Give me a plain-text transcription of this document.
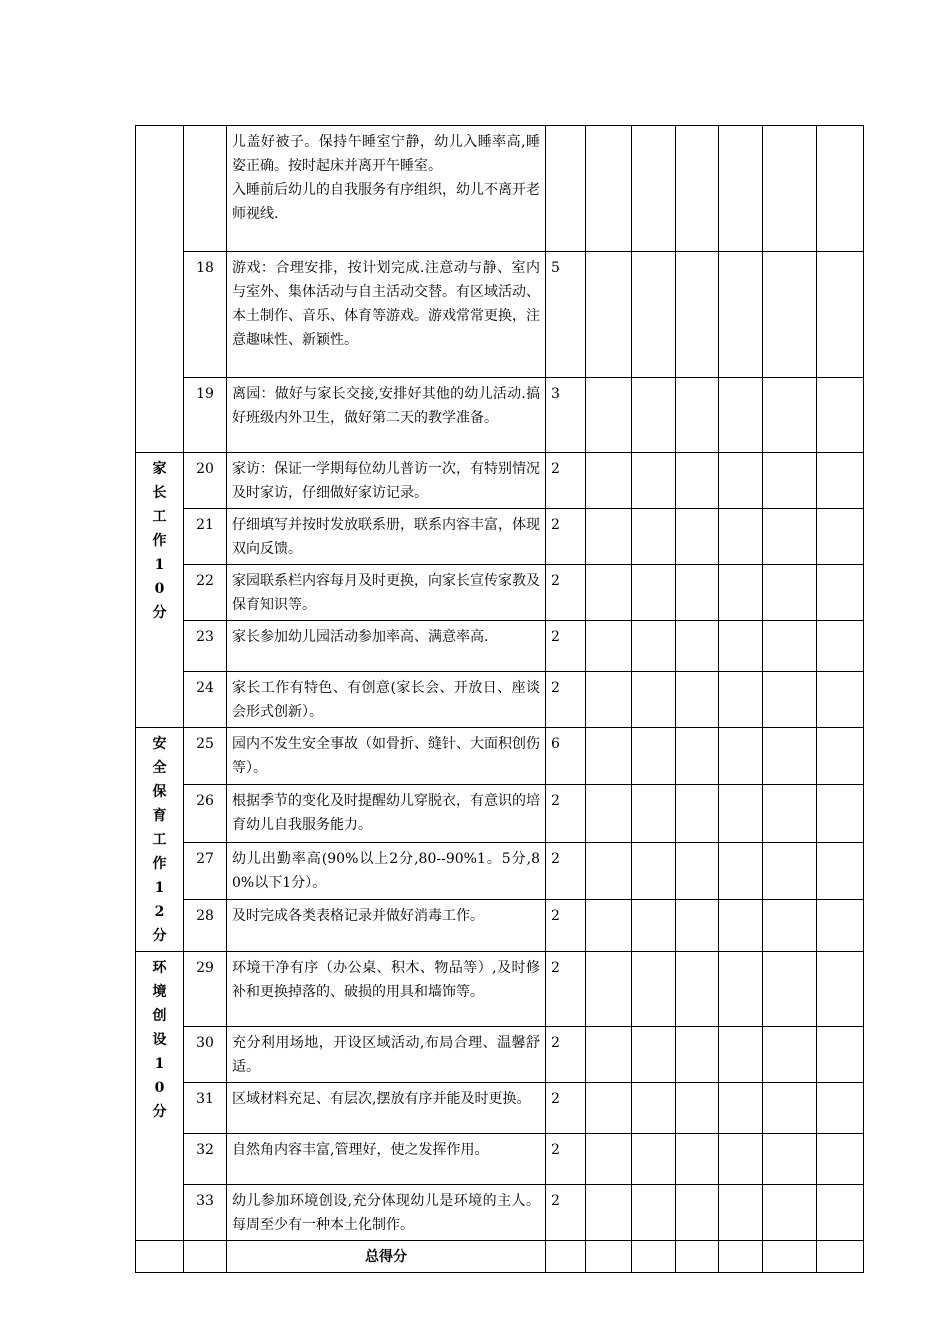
		儿盖好被子。保持午睡室宁静，幼儿入睡率高,睡姿正确。按时起床并离开午睡室。
入睡前后幼儿的自我服务有序组织，幼儿不离开老师视线.							
	18	游戏：合理安排，按计划完成.注意动与静、室内与室外、集体活动与自主活动交替。有区域活动、本土制作、音乐、体育等游戏。游戏常常更换，注意趣味性、新颖性。	5						
	19	离园：做好与家长交接,安排好其他的幼儿活动.搞好班级内外卫生，做好第二天的教学准备。	3						

家长工作10分	20	家访：保证一学期每位幼儿普访一次，有特别情况及时家访，仔细做好家访记录。	2						
	21	仔细填写并按时发放联系册，联系内容丰富，体现双向反馈。	2						
	22	家园联系栏内容每月及时更换，向家长宣传家教及保育知识等。	2						
	23	家长参加幼儿园活动参加率高、满意率高.	2						
	24	家长工作有特色、有创意(家长会、开放日、座谈会形式创新）。	2						

安全保育工作12分	25	园内不发生安全事故（如骨折、缝针、大面积创伤等）。	6						
	26	根据季节的变化及时提醒幼儿穿脱衣，有意识的培育幼儿自我服务能力。	2						
	27	幼儿出勤率高(90%以上2分,80--90%1。5分,80%以下1分）。	2						
	28	及时完成各类表格记录并做好消毒工作。	2						

环境创设10分	29	环境干净有序（办公桌、积木、物品等）,及时修补和更换掉落的、破损的用具和墙饰等。	2						
	30	充分利用场地，开设区域活动,布局合理、温馨舒适。	2						
	31	区域材料充足、有层次,摆放有序并能及时更换。	2						
	32	自然角内容丰富,管理好，使之发挥作用。	2						
	33	幼儿参加环境创设,充分体现幼儿是环境的主人。每周至少有一种本土化制作。	2						
		总得分							
